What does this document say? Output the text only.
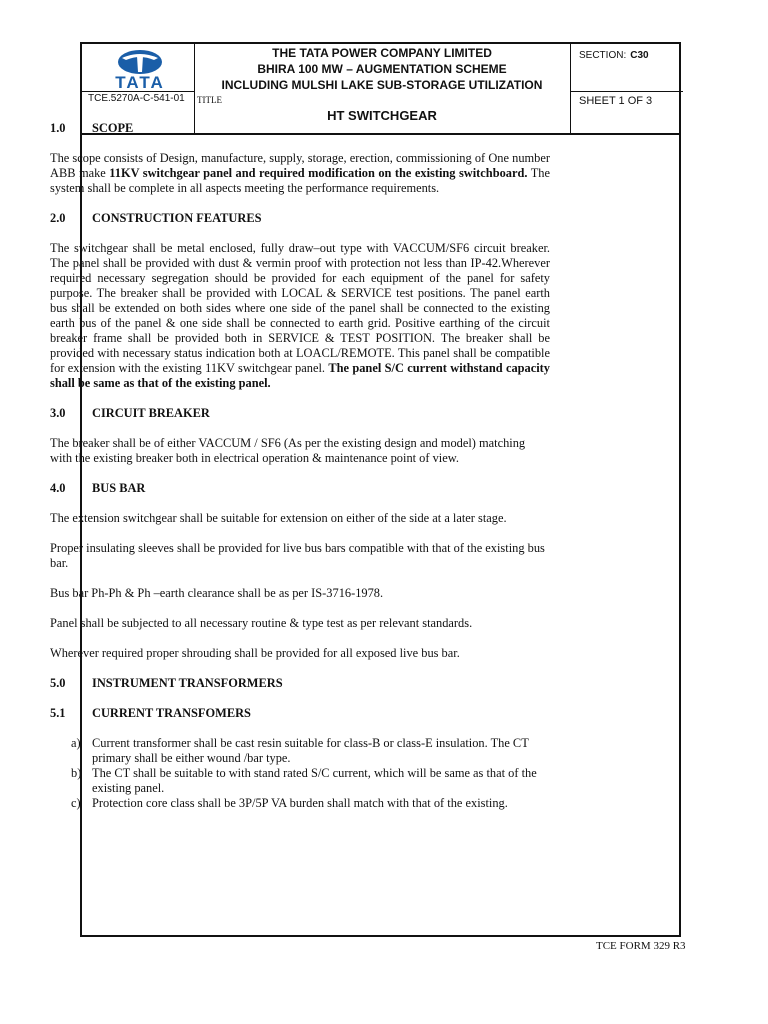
TATA
TCE.5270A-C-541-01
THE TATA POWER COMPANY LIMITED
BHIRA 100 MW – AUGMENTATION SCHEME
INCLUDING MULSHI LAKE SUB-STORAGE UTILIZATION
TITLE
HT SWITCHGEAR
SECTION: C30
SHEET 1 OF 3
1.0	SCOPE

The scope consists of Design, manufacture, supply, storage, erection, commissioning of One number ABB make 11KV switchgear panel and required modification on the existing switchboard. The system shall be complete in all aspects meeting the performance requirements.

2.0	CONSTRUCTION FEATURES

The switchgear shall be metal enclosed, fully draw–out type with VACCUM/SF6 circuit breaker. The panel shall be provided with dust & vermin proof with protection not less than IP-42.Wherever required necessary segregation should be provided for each equipment of the panel for safety purpose. The breaker shall be provided with LOCAL & SERVICE test positions. The panel earth bus shall be extended on both sides where one side of the panel shall be connected to the existing earth bus of the panel & one side shall be connected to earth grid. Positive earthing of the circuit breaker frame shall be provided both in SERVICE & TEST POSITION. The breaker shall be provided with necessary status indication both at LOACL/REMOTE. This panel shall be compatible for extension with the existing 11KV switchgear panel. The panel S/C current withstand capacity shall be same as that of the existing panel.

3.0	CIRCUIT BREAKER

The breaker shall be of either VACCUM / SF6 (As per the existing design and model) matching with the existing breaker both in electrical operation & maintenance point of view.

4.0	BUS BAR

The extension switchgear shall be suitable for extension on either of the side at a later stage.

Proper insulating sleeves shall be provided for live bus bars compatible with that of the existing bus bar.

Bus bar Ph-Ph & Ph –earth clearance shall be as per IS-3716-1978.

Panel shall be subjected to all necessary routine & type test as per relevant standards.

Wherever required proper shrouding shall be provided for all exposed live bus bar.

5.0	INSTRUMENT TRANSFORMERS
5.1	CURRENT TRANSFOMERS
a) Current transformer shall be cast resin suitable for class-B or class-E insulation. The CT primary shall be either wound /bar type.
b) The CT shall be suitable to with stand rated S/C current, which will be same as that of the existing panel.
c) Protection core class shall be 3P/5P VA burden shall match with that of the existing.
TCE FORM 329 R3
